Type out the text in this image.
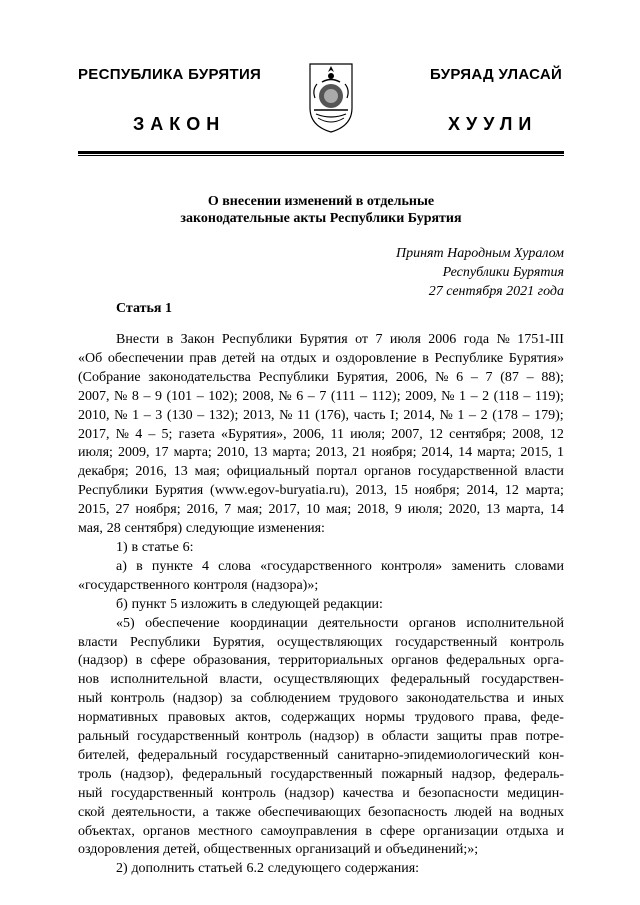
РЕСПУБЛИКА БУРЯТИЯ	БУРЯАД УЛАСАЙ
ЗАКОН	ХУУЛИ
О внесении изменений в отдельные
законодательные акты Республики Бурятия
Принят Народным Хуралом
Республики Бурятия
27 сентября 2021 года
Статья 1
Внести в Закон Республики Бурятия от 7 июля 2006 года № 1751-III
«Об обеспечении прав детей на отдых и оздоровление в Республике Бурятия»
(Собрание законодательства Республики Бурятия, 2006, № 6 – 7 (87 – 88);
2007, № 8 – 9 (101 – 102); 2008, № 6 – 7 (111 – 112); 2009, № 1 – 2 (118 – 119);
2010, № 1 – 3 (130 – 132); 2013, № 11 (176), часть I; 2014, № 1 – 2 (178 – 179);
2017, № 4 – 5; газета «Бурятия», 2006, 11 июля; 2007, 12 сентября; 2008, 12
июля; 2009, 17 марта; 2010, 13 марта; 2013, 21 ноября; 2014, 14 марта; 2015, 1
декабря; 2016, 13 мая; официальный портал органов государственной власти
Республики Бурятия (www.egov-buryatia.ru), 2013, 15 ноября; 2014, 12 марта;
2015, 27 ноября; 2016, 7 мая; 2017, 10 мая; 2018, 9 июля; 2020, 13 марта, 14
мая, 28 сентября) следующие изменения:
1) в статье 6:
а) в пункте 4 слова «государственного контроля» заменить словами
«государственного контроля (надзора)»;
б) пункт 5 изложить в следующей редакции:
«5) обеспечение координации деятельности органов исполнительной
власти Республики Бурятия, осуществляющих государственный контроль
(надзор) в сфере образования, территориальных органов федеральных орга-
нов исполнительной власти, осуществляющих федеральный государствен-
ный контроль (надзор) за соблюдением трудового законодательства и иных
нормативных правовых актов, содержащих нормы трудового права, феде-
ральный государственный контроль (надзор) в области защиты прав потре-
бителей, федеральный государственный санитарно-эпидемиологический кон-
троль (надзор), федеральный государственный пожарный надзор, федераль-
ный государственный контроль (надзор) качества и безопасности медицин-
ской деятельности, а также обеспечивающих безопасность людей на водных
объектах, органов местного самоуправления в сфере организации отдыха и
оздоровления детей, общественных организаций и объединений;»;
2) дополнить статьей 6.2 следующего содержания:
